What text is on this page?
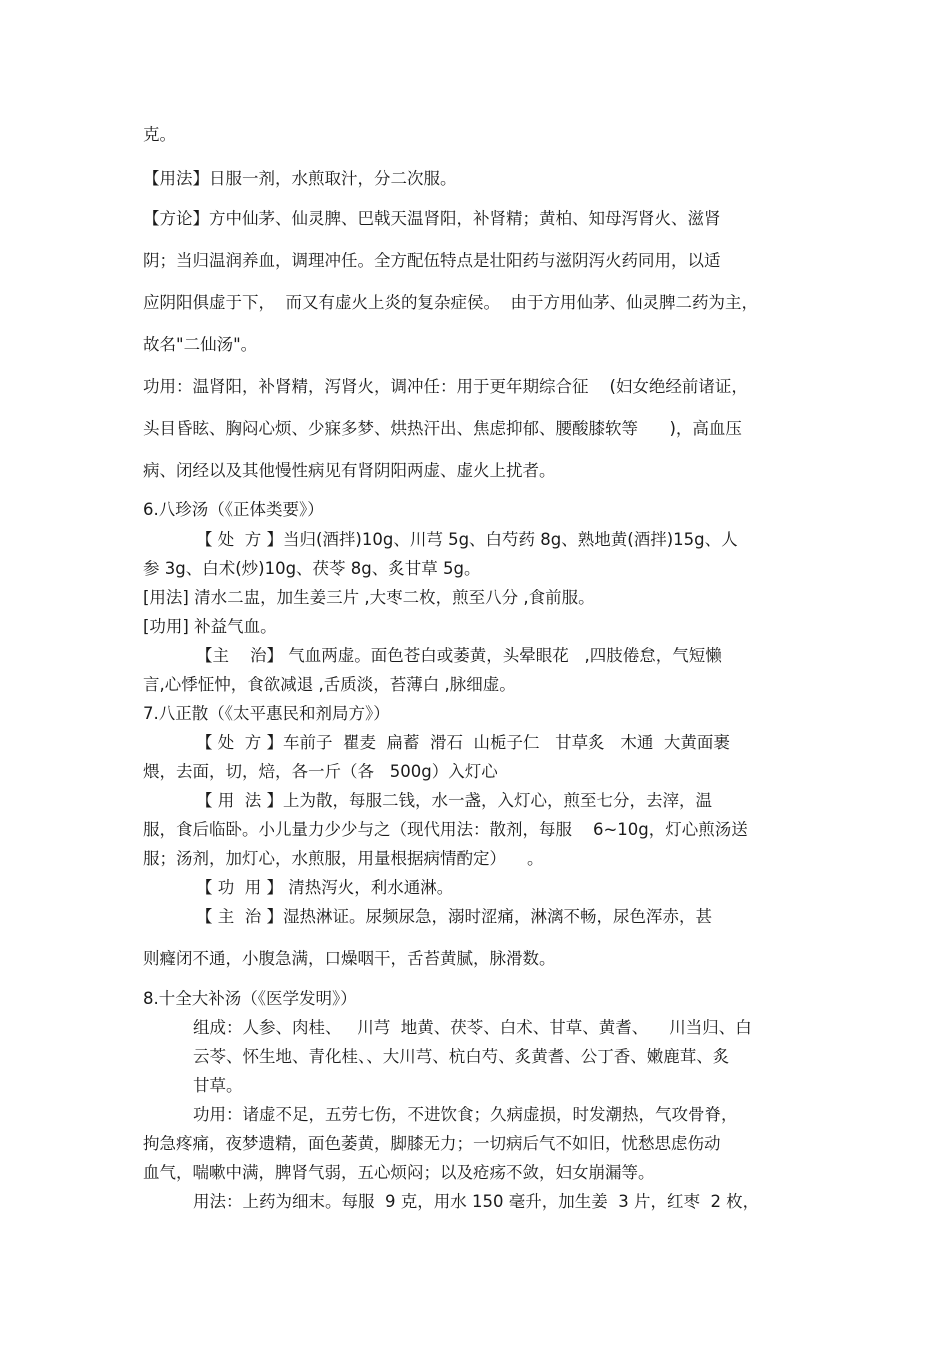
克。
【用法】日服一剂，水煎取汁，分二次服。
【方论】方中仙茅、仙灵脾、巴戟天温肾阳，补肾精；黄柏、知母泻肾火、滋肾
阴；当归温润养血，调理冲任。全方配伍特点是壮阳药与滋阴泻火药同用，以适
应阴阳俱虚于下，  而又有虚火上炎的复杂症侯。  由于方用仙茅、仙灵脾二药为主，
故名"二仙汤"。
功用：温肾阳，补肾精，泻肾火，调冲任：用于更年期综合征    (妇女绝经前诸证，
头目昏眩、胸闷心烦、少寐多梦、烘热汗出、焦虑抑郁、腰酸膝软等      )，高血压
病、闭经以及其他慢性病见有肾阴阳两虚、虚火上扰者。
6.八珍汤（《正体类要》）
【 处  方 】当归(酒拌)10g、川芎 5g、白芍药 8g、熟地黄(酒拌)15g、人
参 3g、白术(炒)10g、茯苓 8g、炙甘草 5g。
[用法] 清水二盅，加生姜三片 ,大枣二枚，煎至八分 ,食前服。
[功用] 补益气血。
【主    治】 气血两虚。面色苍白或萎黄，头晕眼花   ,四肢倦怠，气短懒
言,心悸怔忡，食欲减退 ,舌质淡，苔薄白 ,脉细虚。
7.八正散（《太平惠民和剂局方》）
【 处  方 】车前子  瞿麦  扁蓄  滑石  山栀子仁   甘草炙   木通  大黄面裹
煨，去面，切，焙，各一斤（各   500g）入灯心
【 用  法 】上为散，每服二钱，水一盏，入灯心，煎至七分，去滓，温
服，食后临卧。小儿量力少少与之（现代用法：散剂，每服    6~10g，灯心煎汤送
服；汤剂，加灯心，水煎服，用量根据病情酌定）    。
【 功  用 】 清热泻火，利水通淋。
【 主  治 】湿热淋证。尿频尿急，溺时涩痛，淋漓不畅，尿色浑赤，甚
则癃闭不通，小腹急满，口燥咽干，舌苔黄腻，脉滑数。
8.十全大补汤（《医学发明》）
组成：人参、肉桂、   川芎  地黄、茯苓、白术、甘草、黄耆、    川当归、白
云苓、怀生地、青化桂、、大川芎、杭白芍、炙黄耆、公丁香、嫩鹿茸、炙
甘草。
功用：诸虚不足，五劳七伤，不进饮食；久病虚损，时发潮热，气攻骨脊，
拘急疼痛，夜梦遗精，面色萎黄，脚膝无力；一切病后气不如旧，忧愁思虑伤动
血气，喘嗽中满，脾肾气弱，五心烦闷；以及疮疡不敛，妇女崩漏等。
用法：上药为细末。每服  9 克，用水 150 毫升，加生姜  3 片，红枣  2 枚，
